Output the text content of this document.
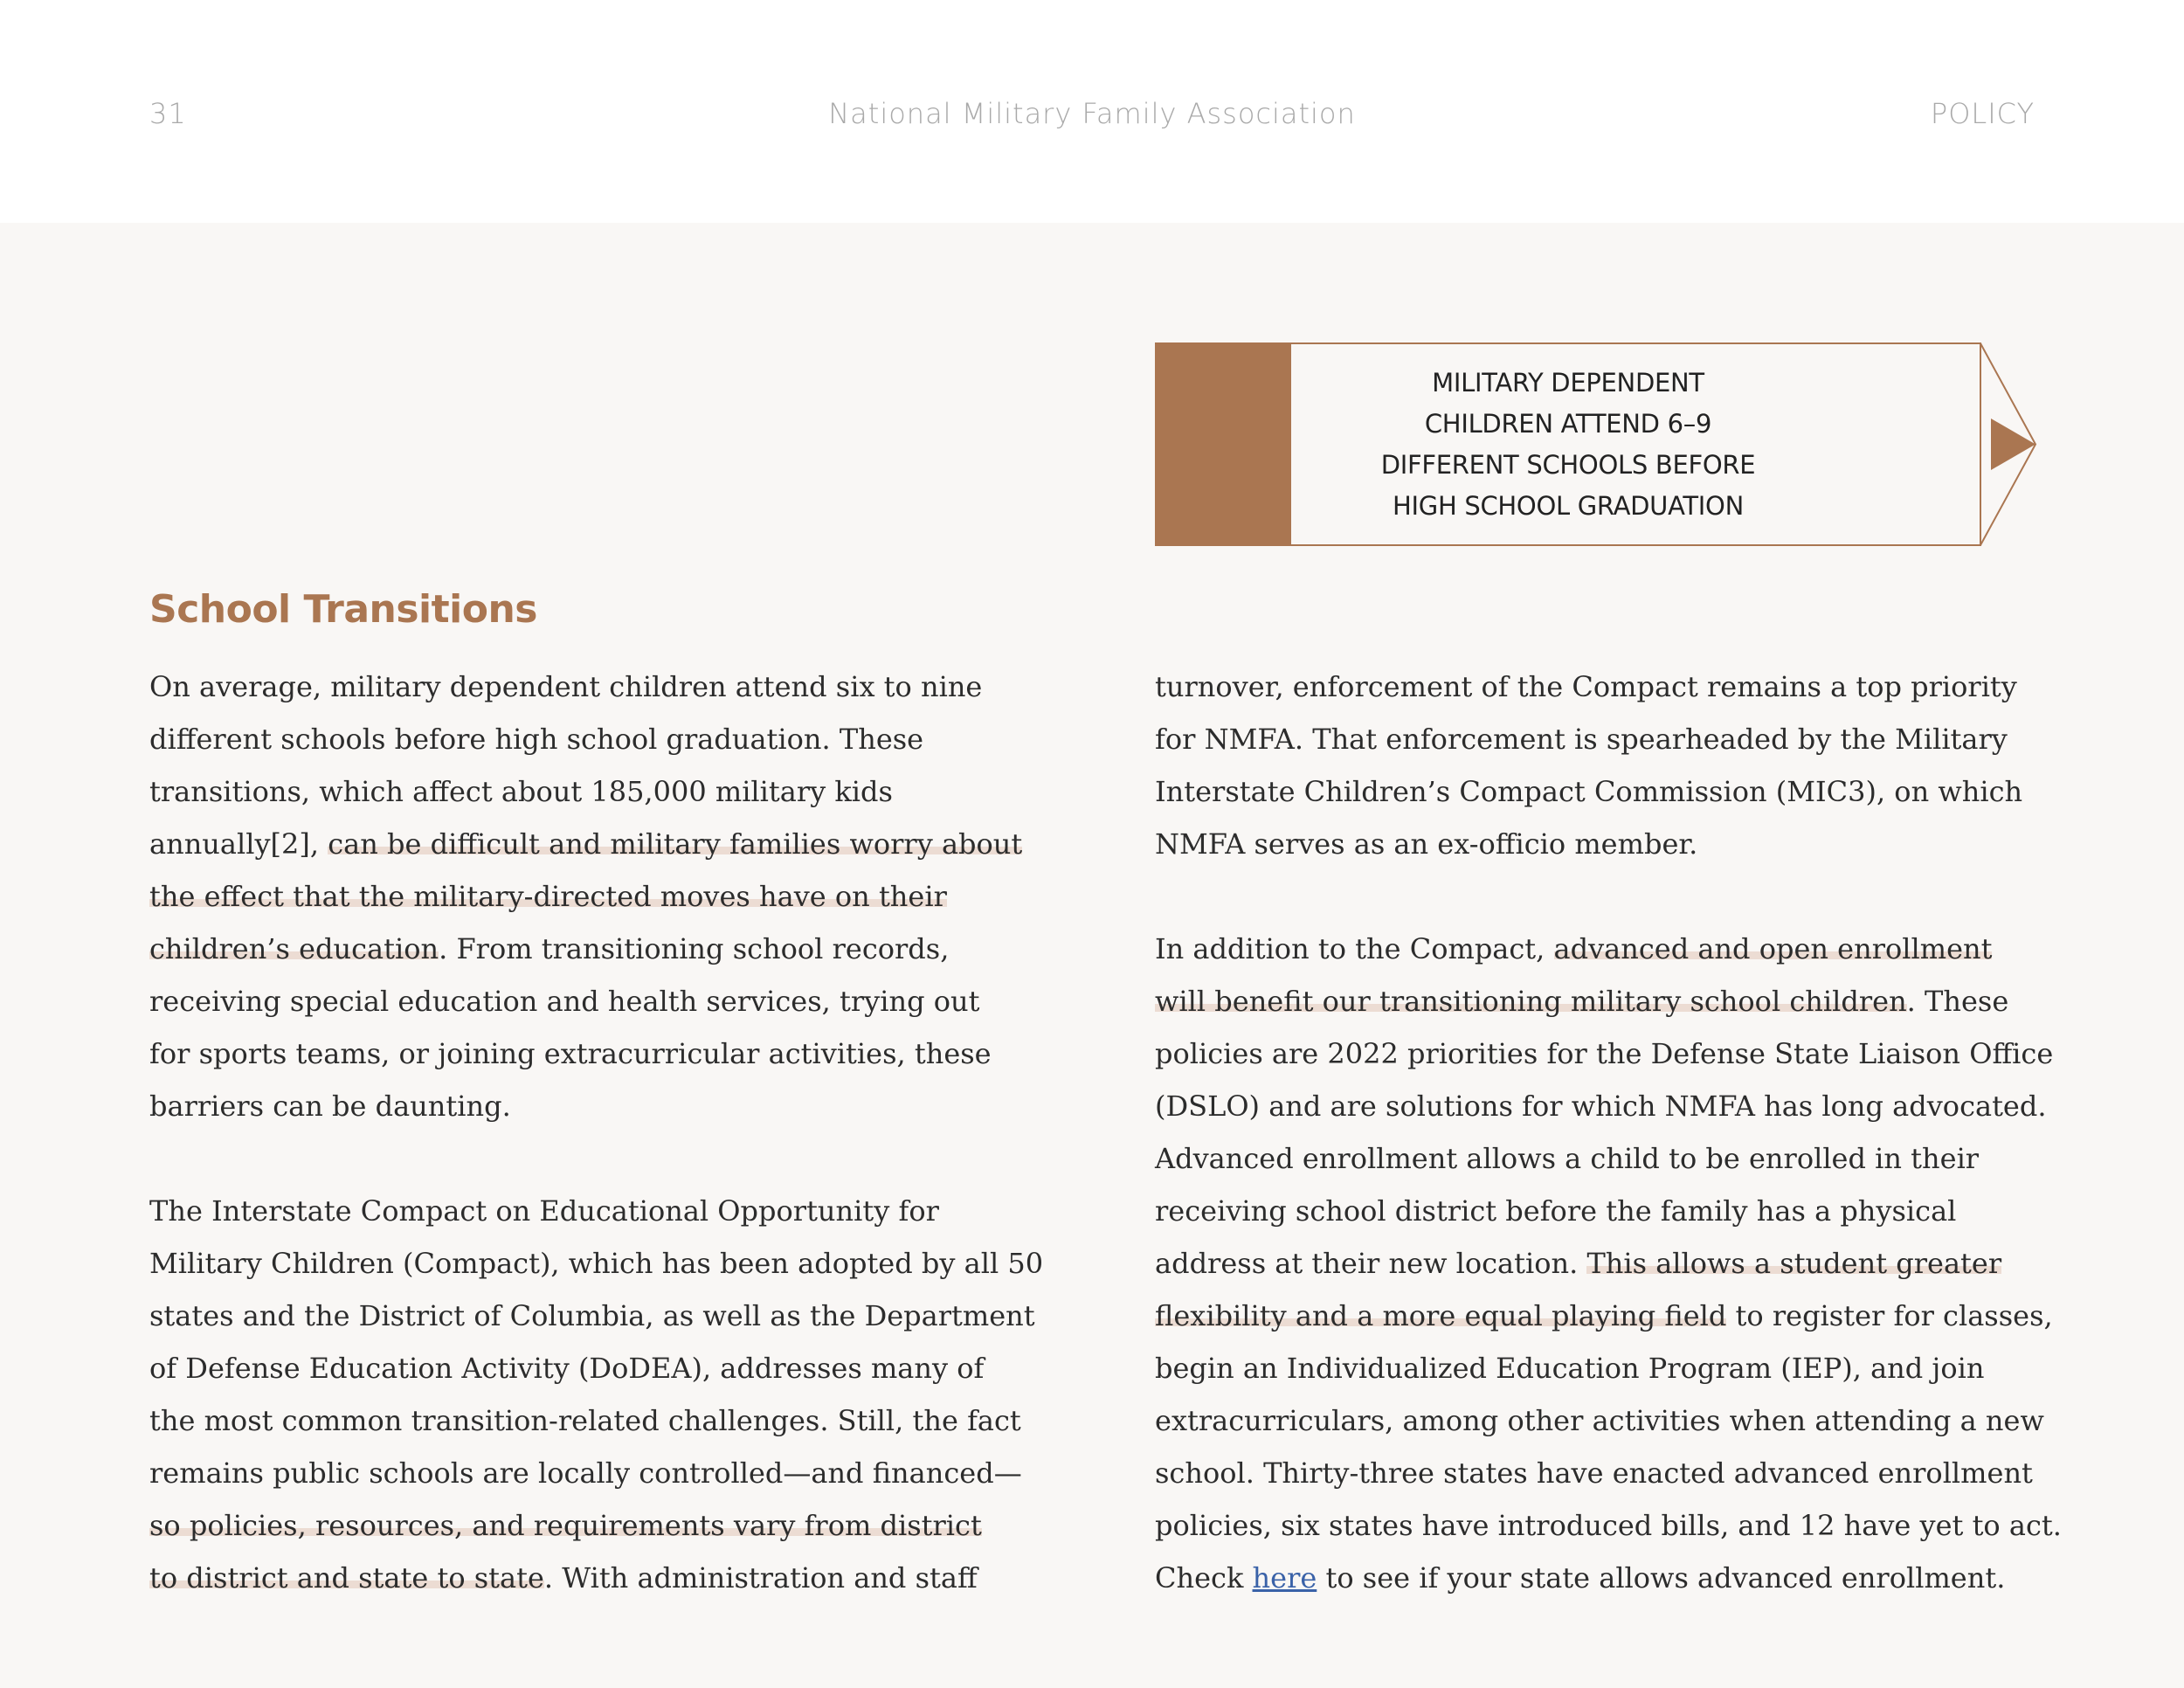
31	National Military Family Association	POLICY
MILITARY DEPENDENT
CHILDREN ATTEND 6–9
DIFFERENT SCHOOLS BEFORE
HIGH SCHOOL GRADUATION
School Transitions

On average, military dependent children attend six to nine

different schools before high school graduation. These

transitions, which affect about 185,000 military kids

annually[2], can be difficult and military families worry about

the effect that the military-directed moves have on their

children’s education. From transitioning school records,

receiving special education and health services, trying out

for sports teams, or joining extracurricular activities, these

barriers can be daunting.

The Interstate Compact on Educational Opportunity for

Military Children (Compact), which has been adopted by all 50

states and the District of Columbia, as well as the Department

of Defense Education Activity (DoDEA), addresses many of

the most common transition-related challenges. Still, the fact

remains public schools are locally controlled—and financed—

so policies, resources, and requirements vary from district

to district and state to state. With administration and staff

turnover, enforcement of the Compact remains a top priority

for NMFA. That enforcement is spearheaded by the Military

Interstate Children’s Compact Commission (MIC3), on which

NMFA serves as an ex-officio member.

In addition to the Compact, advanced and open enrollment

will benefit our transitioning military school children. These

policies are 2022 priorities for the Defense State Liaison Office

(DSLO) and are solutions for which NMFA has long advocated.

Advanced enrollment allows a child to be enrolled in their

receiving school district before the family has a physical

address at their new location. This allows a student greater

flexibility and a more equal playing field to register for classes,

begin an Individualized Education Program (IEP), and join

extracurriculars, among other activities when attending a new

school. Thirty-three states have enacted advanced enrollment

policies, six states have introduced bills, and 12 have yet to act.

Check here to see if your state allows advanced enrollment.
